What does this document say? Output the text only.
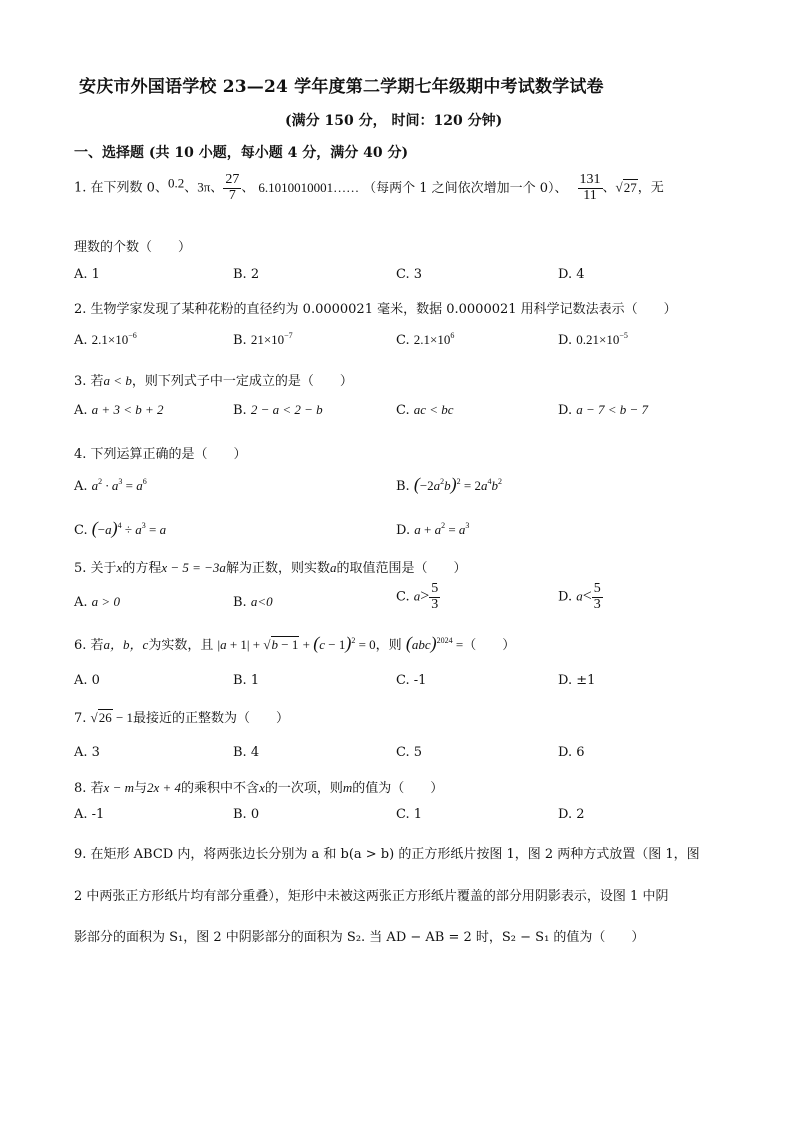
安庆市外国语学校 23—24 学年度第二学期七年级期中考试数学试卷
(满分 150 分， 时间：120 分钟)
一、选择题 (共 10 小题，每小题 4 分，满分 40 分)
1. 在下列数 0、0.2、3π、 $\frac{27}{7}$ 、 6.1010010001…… （每两个 1 之间依次增加一个 0）、 $\frac{131}{11}$ 、√27，无
理数的个数（　　）
A. 1	B. 2	C. 3	D. 4
2. 生物学家发现了某种花粉的直径约为 0.0000021 毫米，数据 0.0000021 用科学记数法表示（　　）
A. $2.1\times 10^{-6}$	B. $21\times 10^{-7}$	C. $2.1\times 10^6$	D. $0.21\times 10^{-5}$
3. 若a < b，则下列式子中一定成立的是（　　）
A. a + 3 < b + 2	B. 2 − a < 2 − b	C. ac < bc	D. a − 7 < b − 7
4. 下列运算正确的是（　　）
A. $a^2 \cdot a^3 = a^6$	B. $(-2a^2b)^2 = 2a^4b^2$
C. $(-a)^4 \div a^3 = a$	D. $a + a^2 = a^3$
5. 关于x的方程x − 5 = −3a解为正数，则实数a的取值范围是（　　）
A. a > 0	B. a<0	C. $a> \frac{5}{3}$	D. $a< \frac{5}{3}$
6. 若a，b，c为实数，且 $|a + 1| + √b - 1 + (c - 1)^2 = 0$，则 (abc)$^{2024}$ =（　　）
A. 0	B. 1	C. -1	D. ±1
7. √26 − 1最接近的正整数为（　　）
A. 3	B. 4	C. 5	D. 6
8. 若x − m与2x + 4的乘积中不含x的一次项，则m的值为（　　）
A. -1	B. 0	C. 1	D. 2
9. 在矩形 ABCD 内，将两张边长分别为 a 和 b(a > b) 的正方形纸片按图 1，图 2 两种方式放置（图 1，图
2 中两张正方形纸片均有部分重叠），矩形中未被这两张正方形纸片覆盖的部分用阴影表示，设图 1 中阴
影部分的面积为 S₁，图 2 中阴影部分的面积为 S₂. 当 AD − AB = 2 时，S₂ − S₁ 的值为（　　）
